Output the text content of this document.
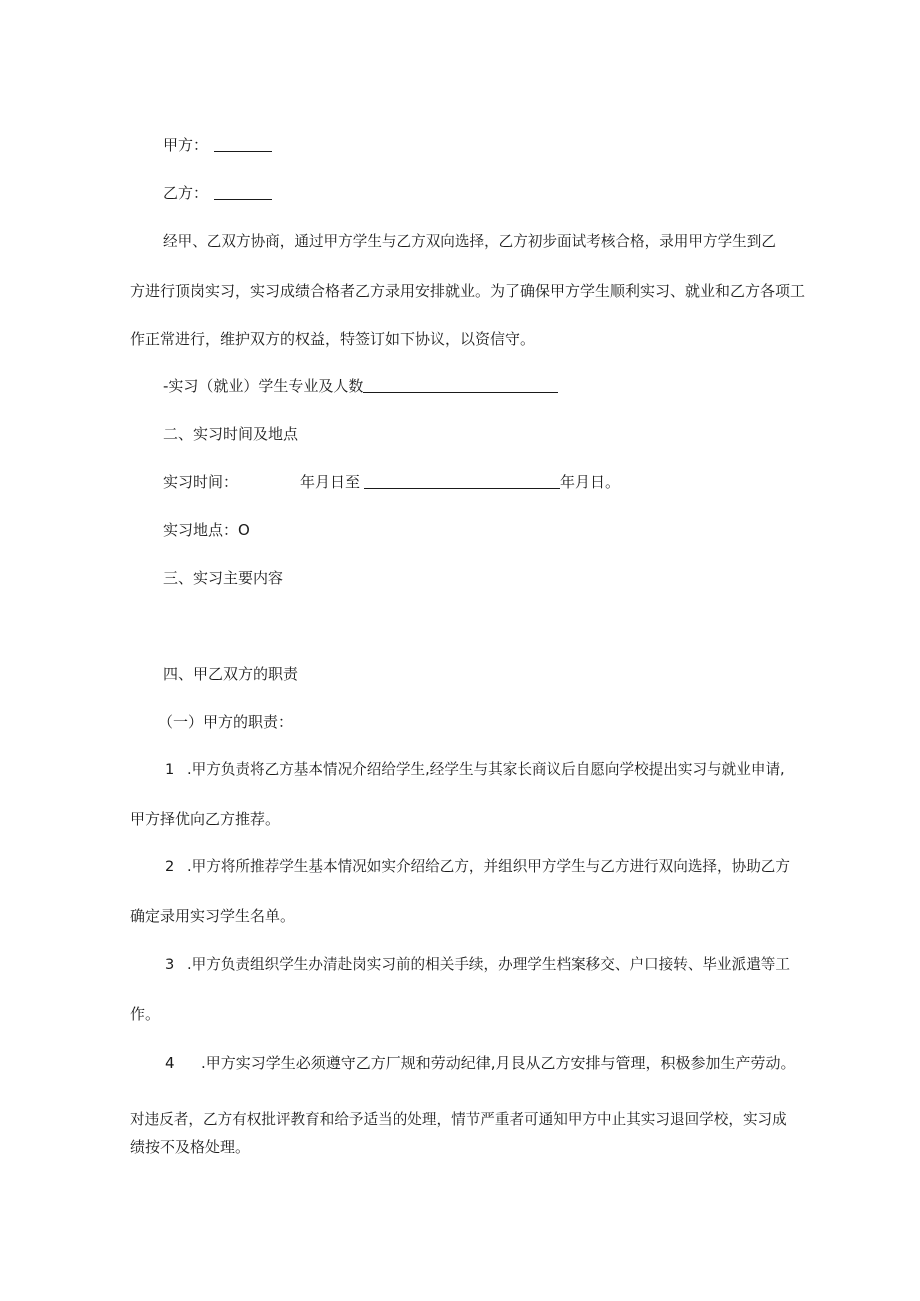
甲方：
乙方：
经甲、乙双方协商，通过甲方学生与乙方双向选择，乙方初步面试考核合格，录用甲方学生到乙
方进行顶岗实习，实习成绩合格者乙方录用安排就业。为了确保甲方学生顺利实习、就业和乙方各项工
作正常进行，维护双方的权益，特签订如下协议，以资信守。
-实习（就业）学生专业及人数
二、实习时间及地点
实习时间：	年月日至	年月日。
实习地点：O
三、实习主要内容
四、甲乙双方的职责
（一）甲方的职责：
1 .甲方负责将乙方基本情况介绍给学生,经学生与其家长商议后自愿向学校提出实习与就业申请,
甲方择优向乙方推荐。
2 .甲方将所推荐学生基本情况如实介绍给乙方，并组织甲方学生与乙方进行双向选择，协助乙方
确定录用实习学生名单。
3 .甲方负责组织学生办清赴岗实习前的相关手续，办理学生档案移交、户口接转、毕业派遣等工
作。
4 .甲方实习学生必须遵守乙方厂规和劳动纪律,月艮从乙方安排与管理，积极参加生产劳动。
对违反者，乙方有权批评教育和给予适当的处理，情节严重者可通知甲方中止其实习退回学校，实习成
绩按不及格处理。
